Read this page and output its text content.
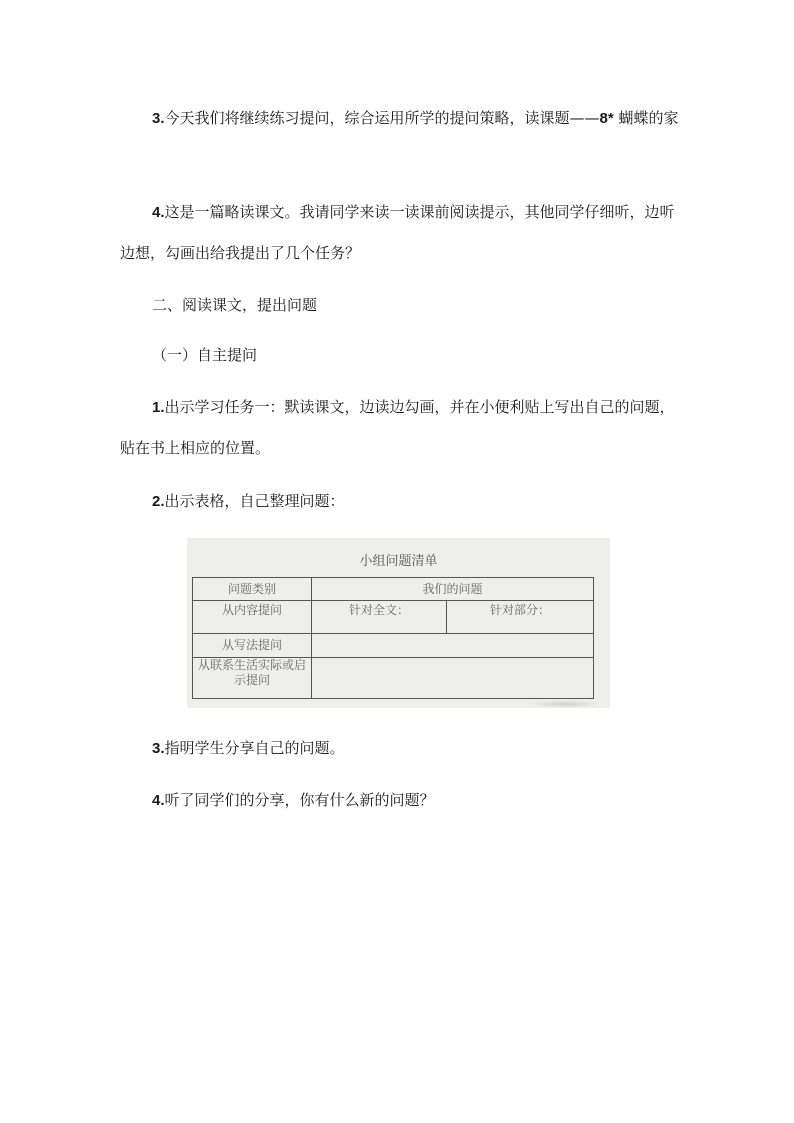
3.今天我们将继续练习提问，综合运用所学的提问策略，读课题——8* 蝴蝶的家

4.这是一篇略读课文。我请同学来读一读课前阅读提示，其他同学仔细听，边听边想，勾画出给我提出了几个任务？

二、阅读课文，提出问题

（一）自主提问

1.出示学习任务一：默读课文，边读边勾画，并在小便利贴上写出自己的问题，贴在书上相应的位置。

2.出示表格，自己整理问题：

小组问题清单
问题类别	我们的问题	
从内容提问	针对全文：	针对部分：
从写法提问		
从联系生活实际或启示提问		

3.指明学生分享自己的问题。

4.听了同学们的分享，你有什么新的问题？
